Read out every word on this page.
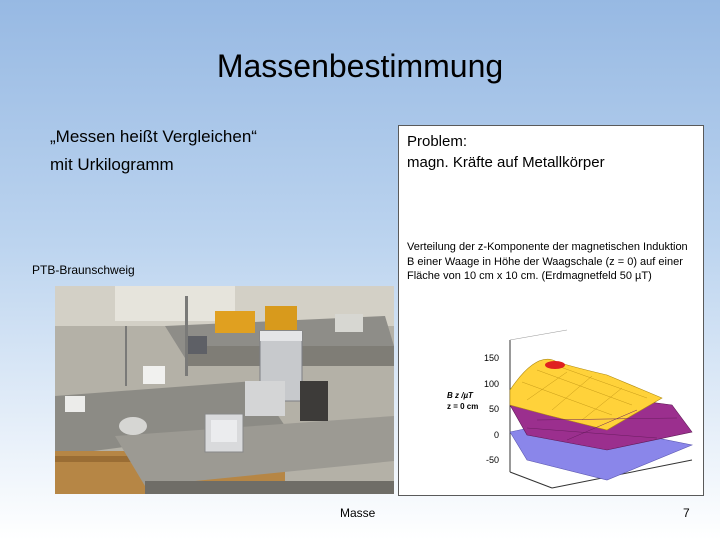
Massenbestimmung
„Messen heißt Vergleichen“
mit Urkilogramm
PTB-Braunschweig
Problem:
magn. Kräfte auf Metallkörper
Verteilung der z-Komponente der magnetischen Induktion B einer Waage in Höhe der Waagschale (z = 0) auf einer Fläche von 10 cm x 10 cm. (Erdmagnetfeld 50 µT)
150
100
50
0
-50
B z /µT
z = 0 cm
Masse	7
